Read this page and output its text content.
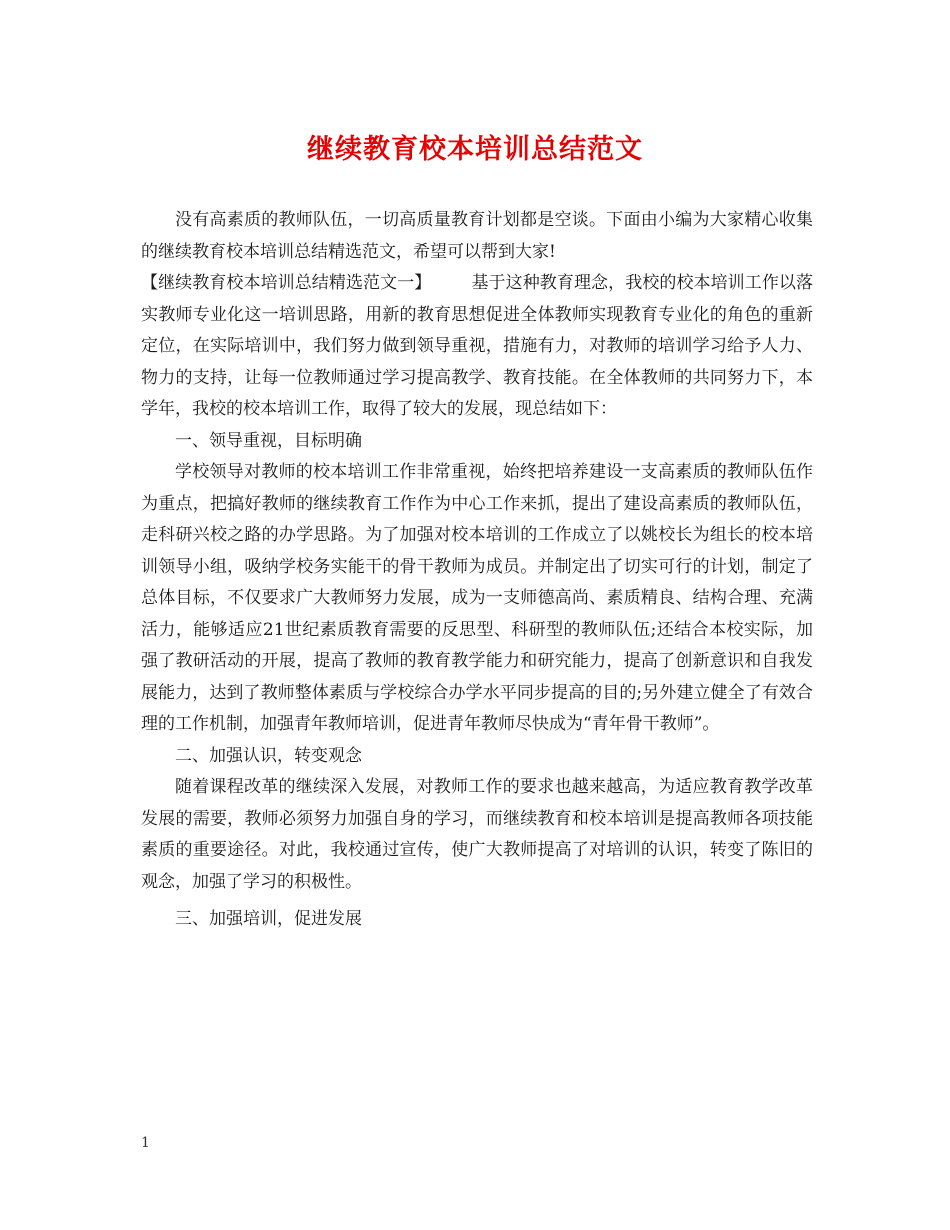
继续教育校本培训总结范文

没有高素质的教师队伍，一切高质量教育计划都是空谈。下面由小编为大家精心收集的继续教育校本培训总结精选范文，希望可以帮到大家!

【继续教育校本培训总结精选范文一】 基于这种教育理念，我校的校本培训工作以落实教师专业化这一培训思路，用新的教育思想促进全体教师实现教育专业化的角色的重新定位，在实际培训中，我们努力做到领导重视，措施有力，对教师的培训学习给予人力、物力的支持，让每一位教师通过学习提高教学、教育技能。在全体教师的共同努力下，本学年，我校的校本培训工作，取得了较大的发展，现总结如下：

一、领导重视，目标明确

学校领导对教师的校本培训工作非常重视，始终把培养建设一支高素质的教师队伍作为重点，把搞好教师的继续教育工作作为中心工作来抓，提出了建设高素质的教师队伍，走科研兴校之路的办学思路。为了加强对校本培训的工作成立了以姚校长为组长的校本培训领导小组，吸纳学校务实能干的骨干教师为成员。并制定出了切实可行的计划，制定了总体目标，不仅要求广大教师努力发展，成为一支师德高尚、素质精良、结构合理、充满活力，能够适应21世纪素质教育需要的反思型、科研型的教师队伍;还结合本校实际，加强了教研活动的开展，提高了教师的教育教学能力和研究能力，提高了创新意识和自我发展能力，达到了教师整体素质与学校综合办学水平同步提高的目的;另外建立健全了有效合理的工作机制，加强青年教师培训，促进青年教师尽快成为“青年骨干教师”。

二、加强认识，转变观念

随着课程改革的继续深入发展，对教师工作的要求也越来越高，为适应教育教学改革发展的需要，教师必须努力加强自身的学习，而继续教育和校本培训是提高教师各项技能素质的重要途径。对此，我校通过宣传，使广大教师提高了对培训的认识，转变了陈旧的观念，加强了学习的积极性。

三、加强培训，促进发展

1
